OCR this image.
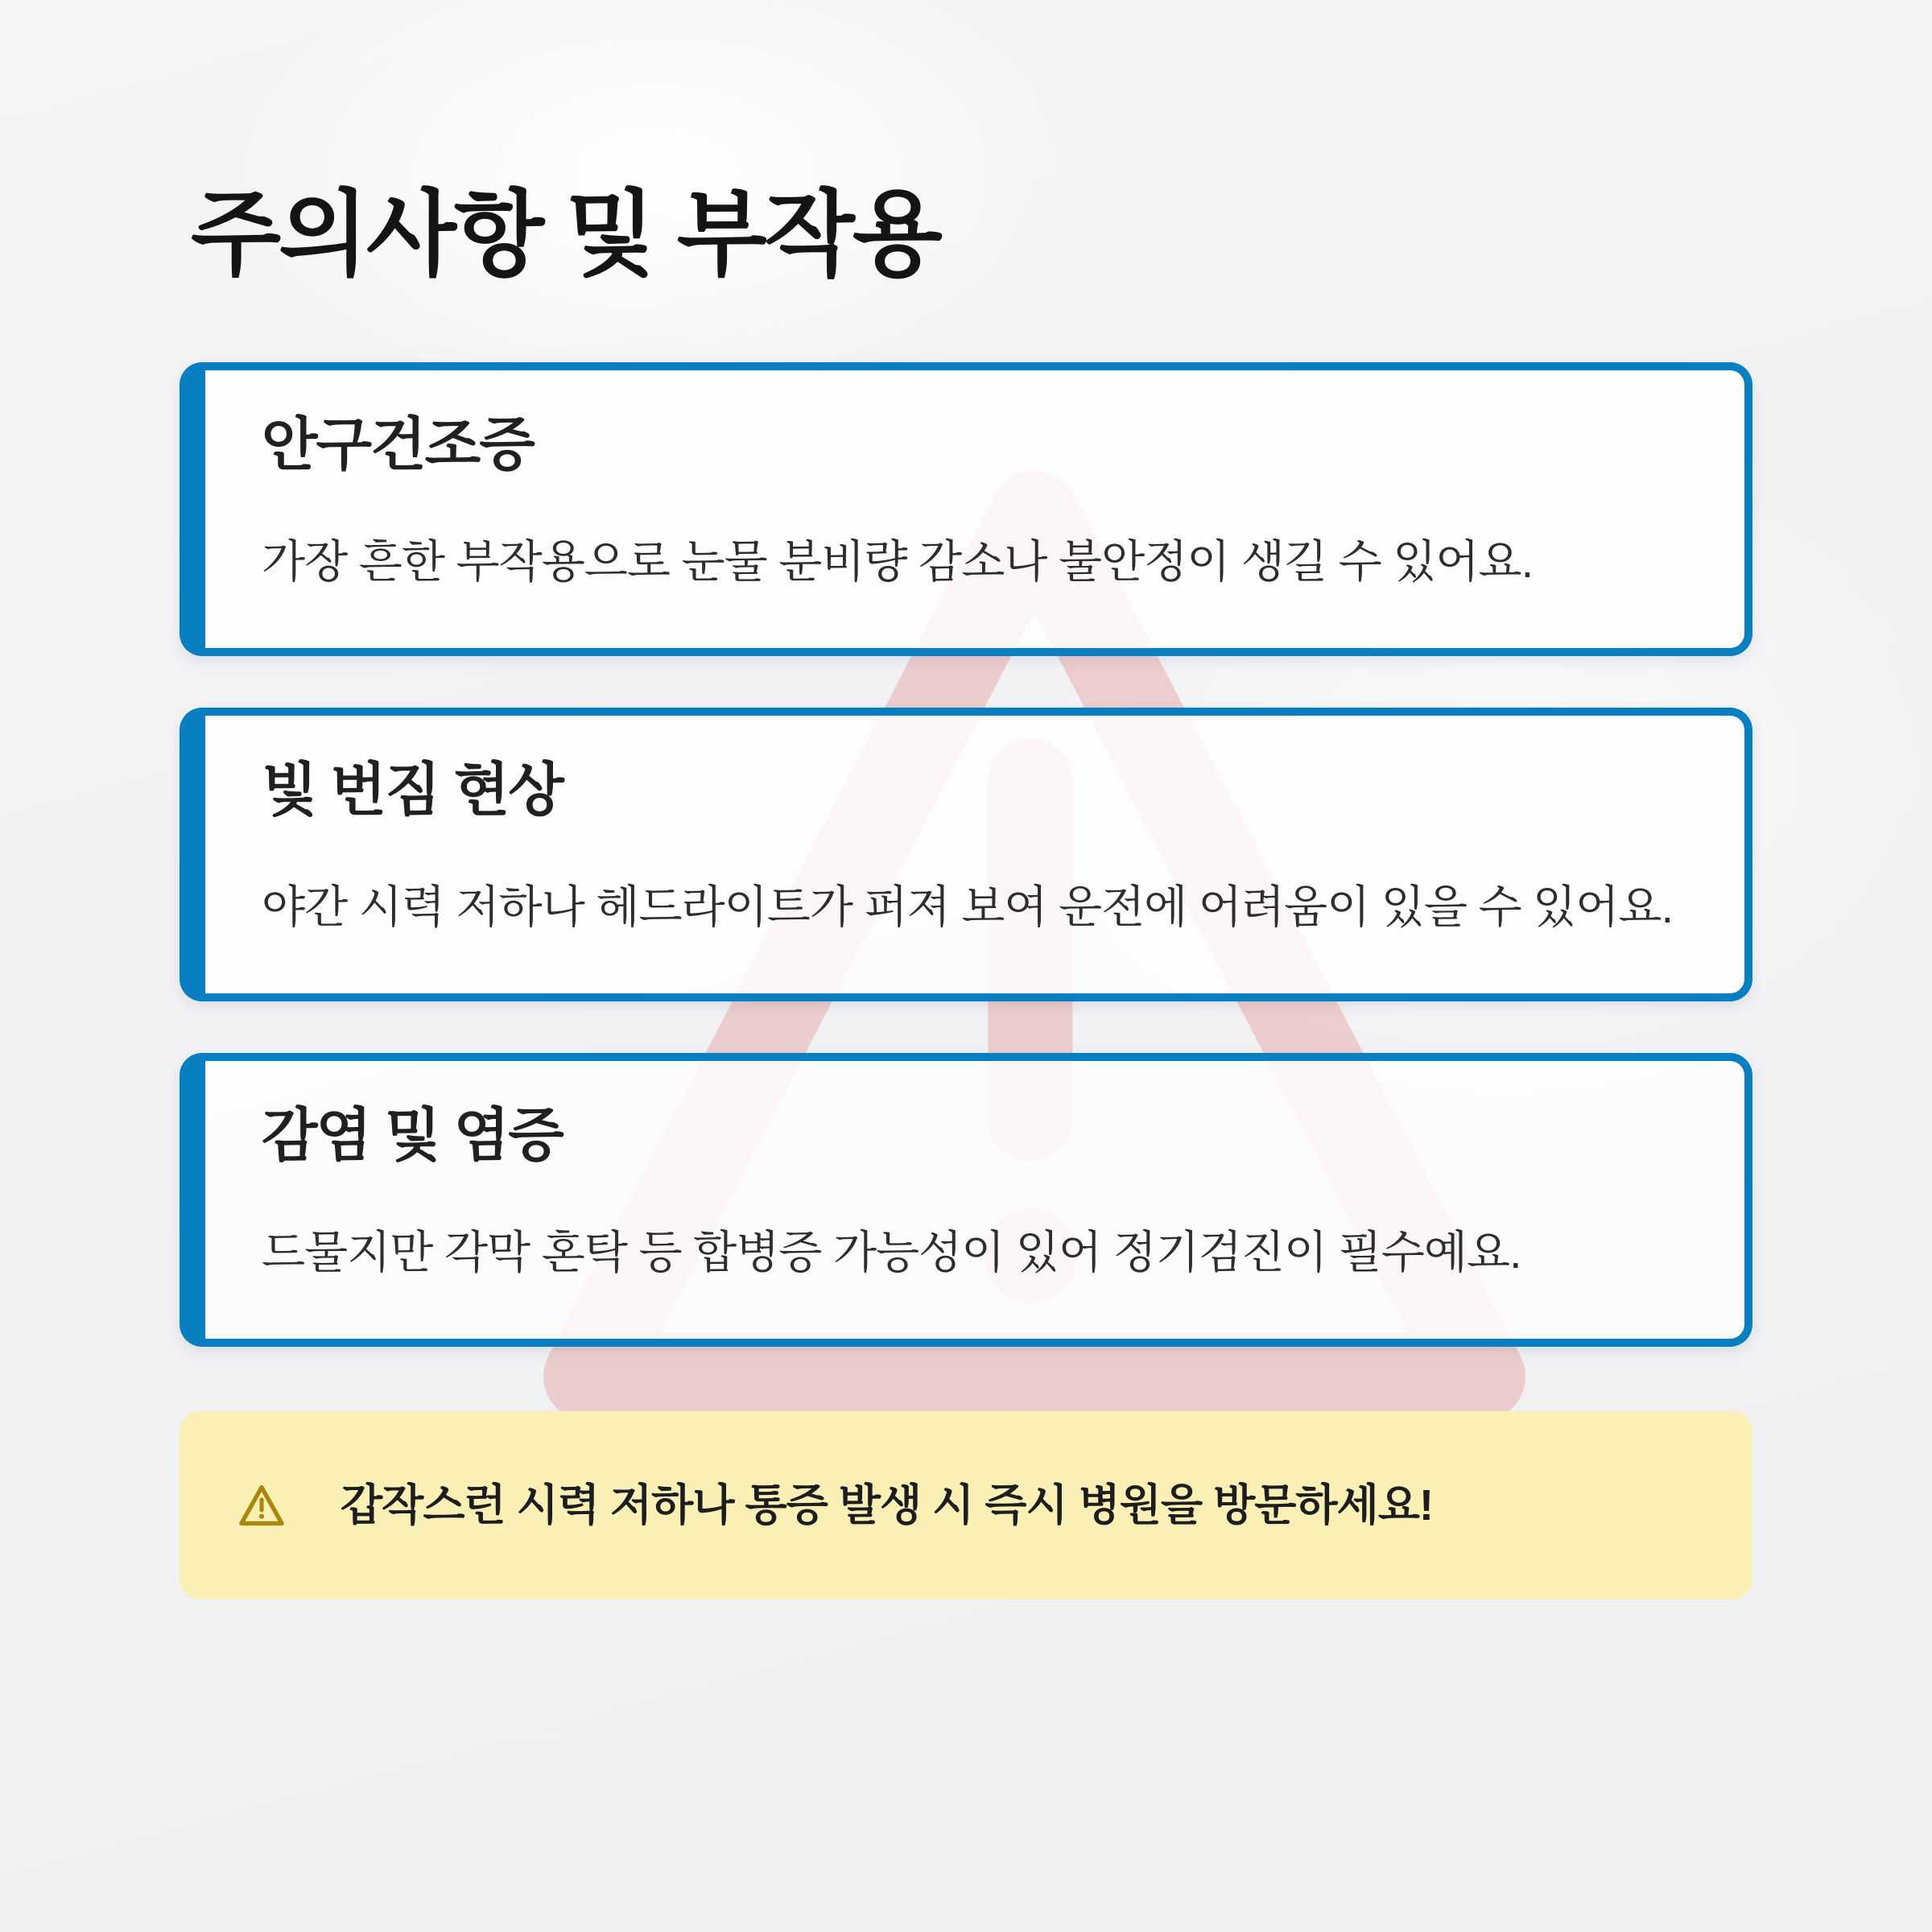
주의사항 및 부작용
안구건조증

가장 흔한 부작용으로 눈물 분비량 감소나 불안정이 생길 수 있어요.

빛 번짐 현상

야간 시력 저하나 헤드라이트가 퍼져 보여 운전에 어려움이 있을 수 있어요.

감염 및 염증

드물지만 각막 혼탁 등 합병증 가능성이 있어 정기검진이 필수예요.

갑작스런 시력 저하나 통증 발생 시 즉시 병원을 방문하세요!
